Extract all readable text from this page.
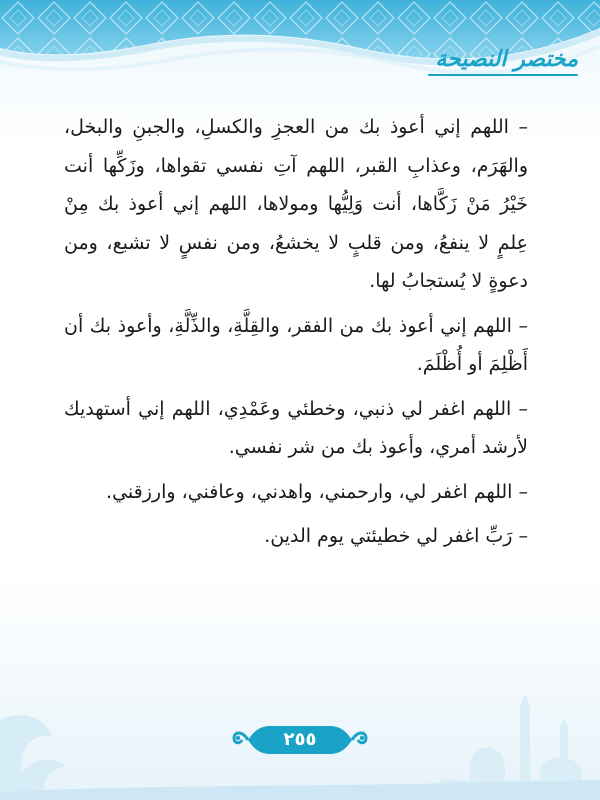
مختصر النصيحة

– اللهم إني أعوذ بك من العجزِ والكسلِ، والجبنِ والبخل، والهَرَم، وعذابِ القبر، اللهم آتِ نفسي تقواها، وزَكِّها أنت خَيْرُ مَنْ زَكَّاها، أنت وَلِيُّها ومولاها، اللهم إني أعوذ بك مِنْ عِلمٍ لا ينفعُ، ومن قلبٍ لا يخشعُ، ومن نفسٍ لا تشبع، ومن دعوةٍ لا يُستجابُ لها.

– اللهم إني أعوذ بك من الفقر، والقِلَّةِ، والذِّلَّةِ، وأعوذ بك أن أَظْلِمَ أو أُظْلَمَ.

– اللهم اغفر لي ذنبي، وخطئي وعَمْدِي، اللهم إني أستهديك لأرشد أمري، وأعوذ بك من شر نفسي.

– اللهم اغفر لي، وارحمني، واهدني، وعافني، وارزقني.

– رَبِّ اغفر لي خطيئتي يوم الدين.

٢٥٥
